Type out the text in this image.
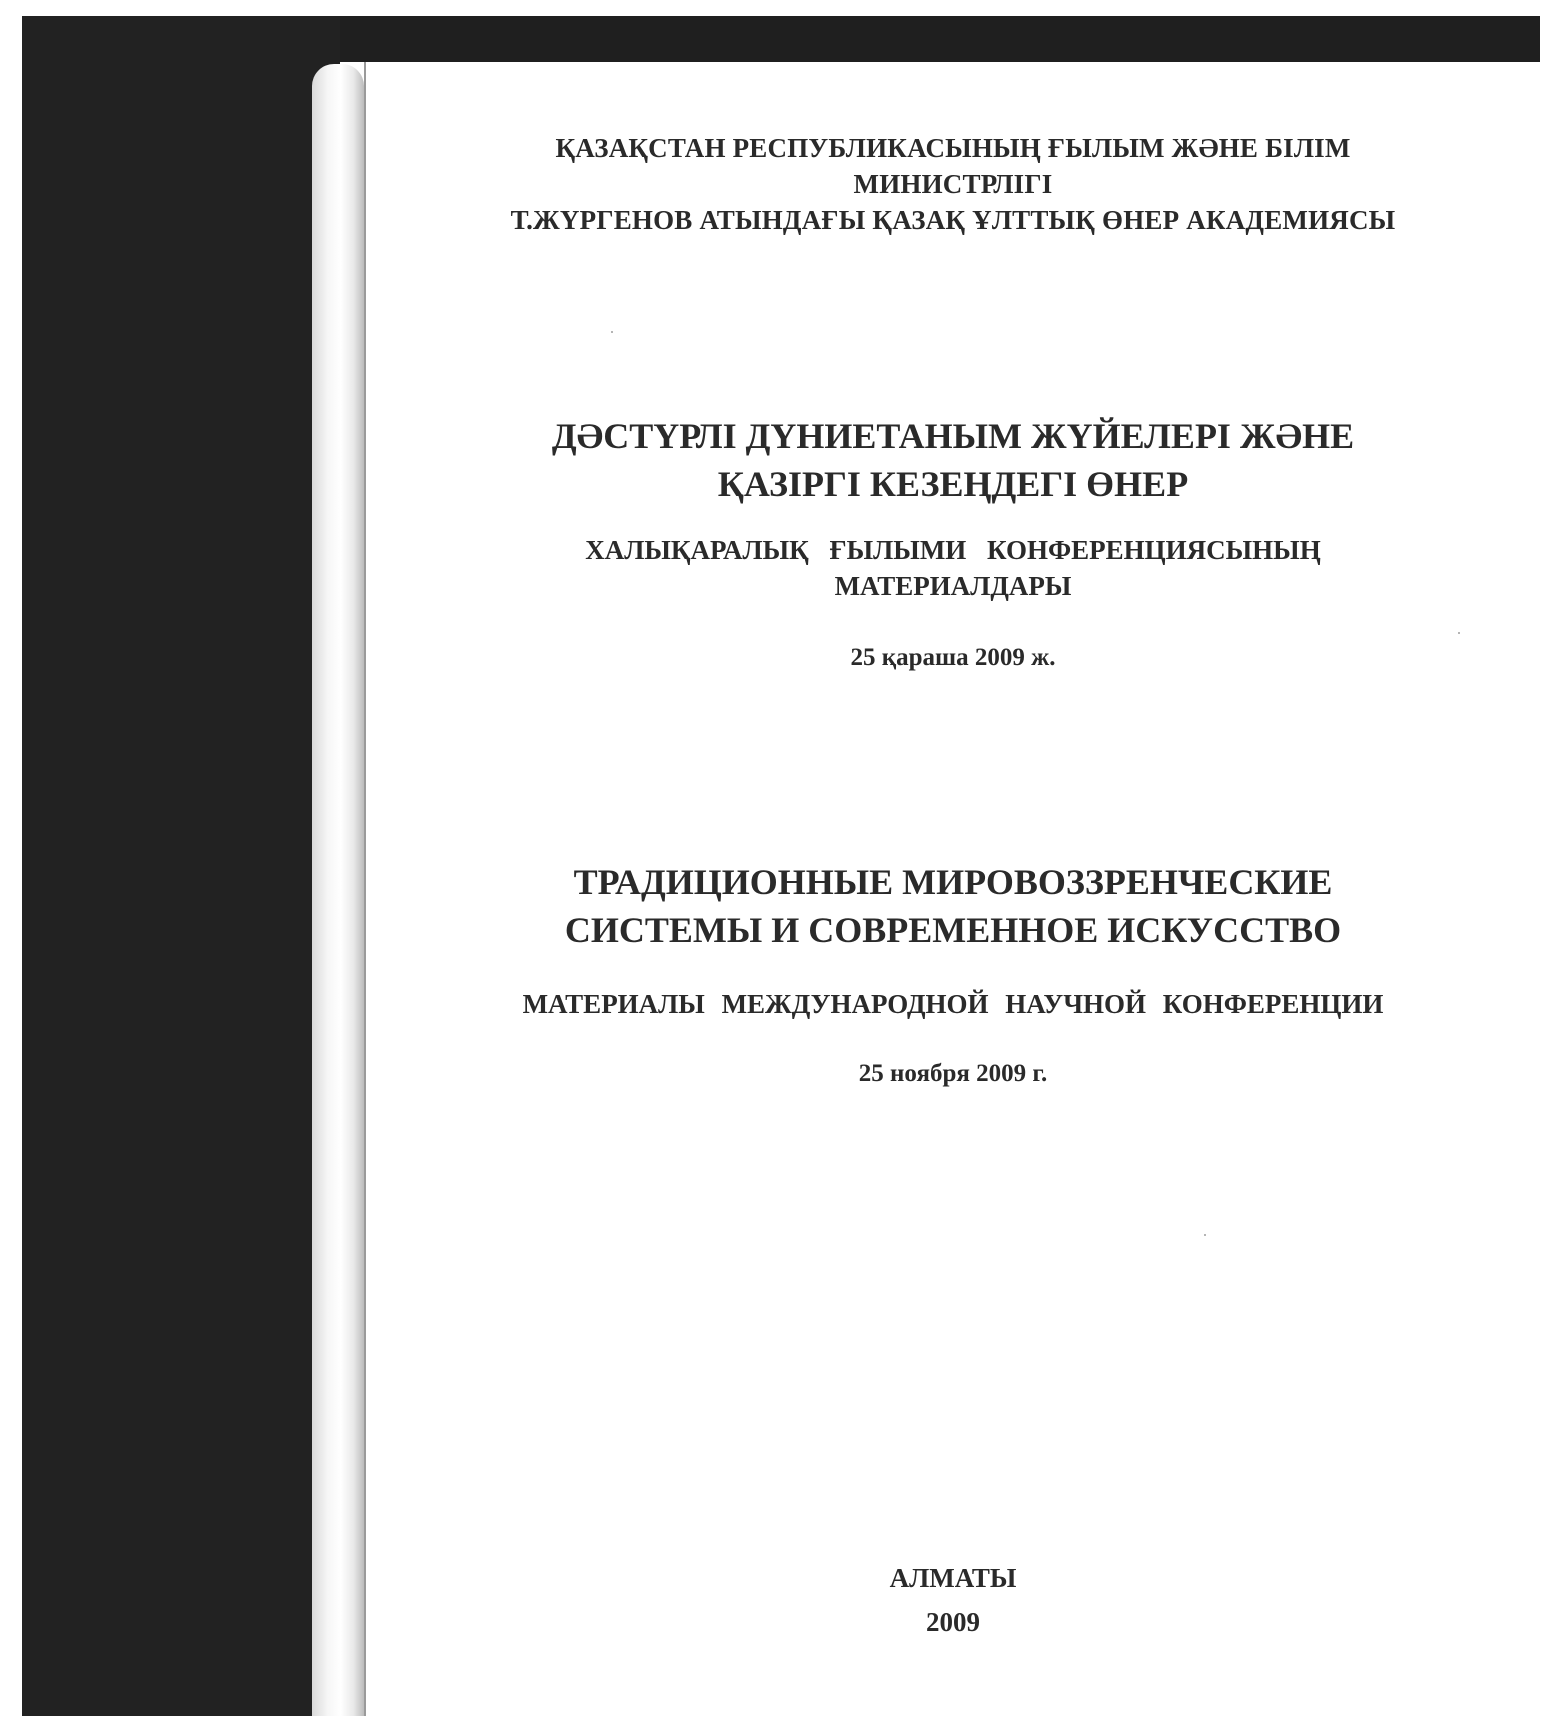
ҚАЗАҚСТАН РЕСПУБЛИКАСЫНЫҢ ҒЫЛЫМ ЖӘНЕ БІЛІМ
МИНИСТРЛІГІ
Т.ЖҮРГЕНОВ АТЫНДАҒЫ ҚАЗАҚ ҰЛТТЫҚ ӨНЕР АКАДЕМИЯСЫ
ДӘСТҮРЛІ ДҮНИЕТАНЫМ ЖҮЙЕЛЕРІ ЖӘНЕ
ҚАЗІРГІ КЕЗЕҢДЕГІ ӨНЕР
ХАЛЫҚАРАЛЫҚ ҒЫЛЫМИ КОНФЕРЕНЦИЯСЫНЫҢ
МАТЕРИАЛДАРЫ
25 қараша 2009 ж.
ТРАДИЦИОННЫЕ МИРОВОЗЗРЕНЧЕСКИЕ
СИСТЕМЫ И СОВРЕМЕННОЕ ИСКУССТВО
МАТЕРИАЛЫ МЕЖДУНАРОДНОЙ НАУЧНОЙ КОНФЕРЕНЦИИ
25 ноября 2009 г.
АЛМАТЫ
2009
